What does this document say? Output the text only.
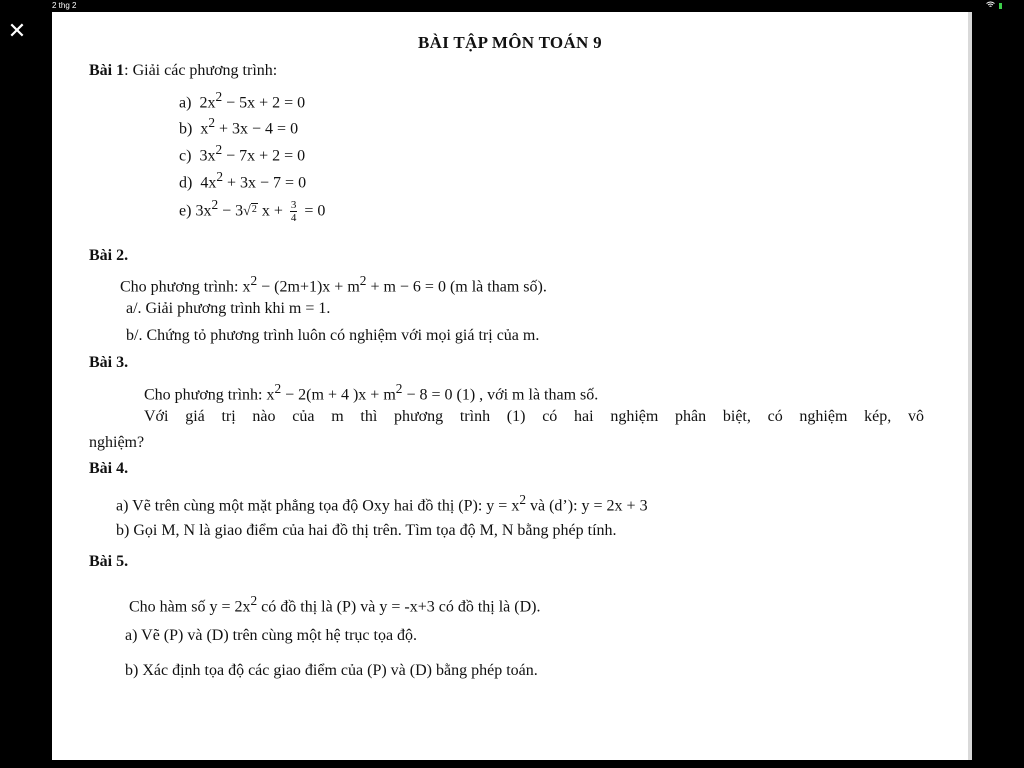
2 thg 2
✕	BÀI TẬP MÔN TOÁN 9
Bài 1: Giải các phương trình:
a) $2x^2 - 5x + 2 = 0$
b) $x^2 + 3x - 4 = 0$
c) $3x^2 - 7x + 2 = 0$
d) $4x^2 + 3x - 7 = 0$
e) $3x^2 - 3√^2$ $x + \frac{3}{4} = 0$
Bài 2.
Cho phương trình: $x^2 - (2m+1)x + m^2 + m - 6 = 0$ (m là tham số).
a/. Giải phương trình khi m = 1.
b/. Chứng tỏ phương trình luôn có nghiệm với mọi giá trị của m.
Bài 3.
Cho phương trình: $x^2 - 2(m + 4$ )$x + m^2 - 8 = 0$ (1) , với m là tham số.
Với giá trị nào của m thì phương trình (1) có hai nghiệm phân biệt, có nghiệm kép, vô
nghiệm?
Bài 4.
a) Vẽ trên cùng một mặt phẳng tọa độ Oxy hai đồ thị (P): $y = x^2$ và (d’): y = 2x + 3
b) Gọi M, N là giao điểm của hai đồ thị trên. Tìm tọa độ M, N bằng phép tính.
Bài 5.
Cho hàm số $y = 2x^2$ có đồ thị là (P) và y = -x+3 có đồ thị là (D).
a) Vẽ (P) và (D) trên cùng một hệ trục tọa độ.
b) Xác định tọa độ các giao điểm của (P) và (D) bằng phép toán.
